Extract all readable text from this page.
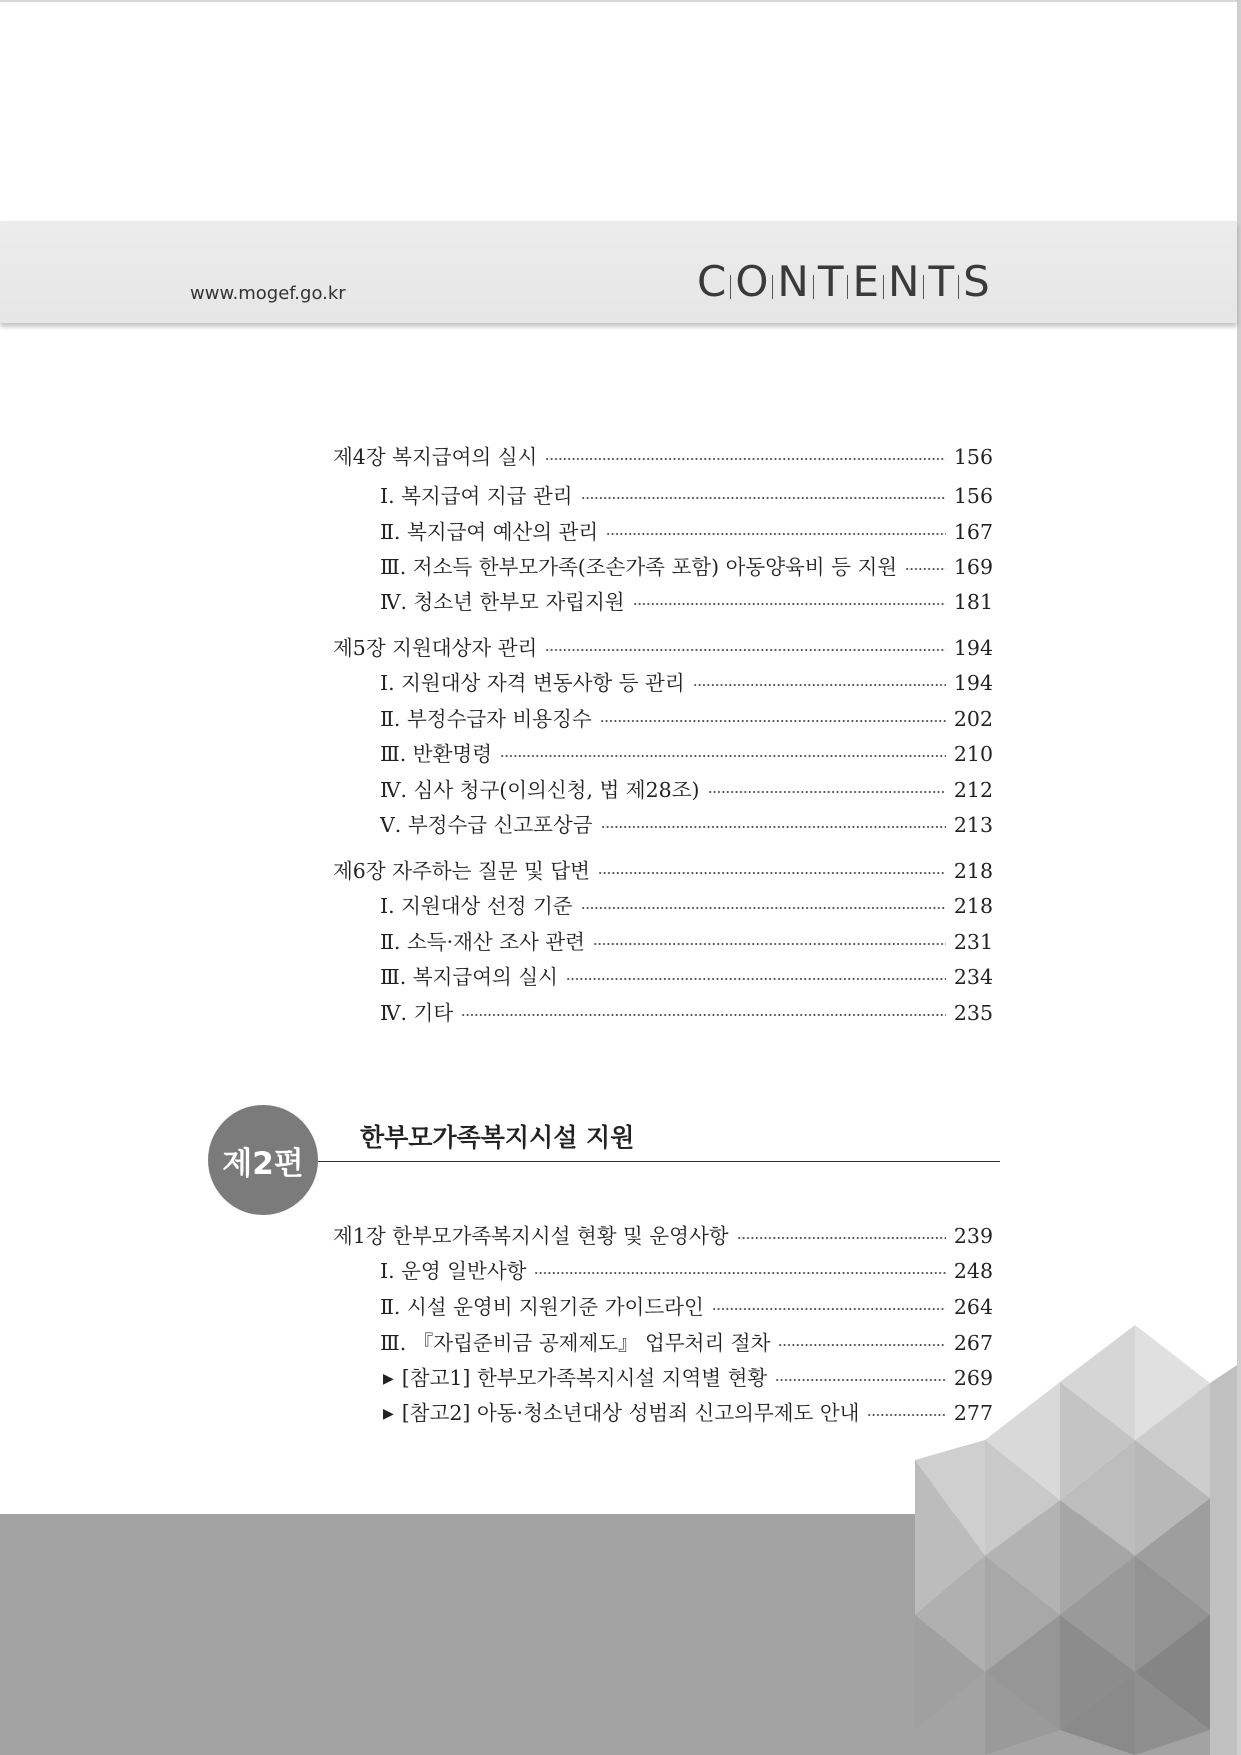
www.mogef.go.kr	C O N T E N T S
제4장 복지급여의 실시	156
Ⅰ. 복지급여 지급 관리	156
Ⅱ. 복지급여 예산의 관리	167
Ⅲ. 저소득 한부모가족(조손가족 포함) 아동양육비 등 지원	169
Ⅳ. 청소년 한부모 자립지원	181
제5장 지원대상자 관리	194
Ⅰ. 지원대상 자격 변동사항 등 관리	194
Ⅱ. 부정수급자 비용징수	202
Ⅲ. 반환명령	210
Ⅳ. 심사 청구(이의신청, 법 제28조)	212
Ⅴ. 부정수급 신고포상금	213
제6장 자주하는 질문 및 답변	218
Ⅰ. 지원대상 선정 기준	218
Ⅱ. 소득·재산 조사 관련	231
Ⅲ. 복지급여의 실시	234
Ⅳ. 기타	235
제2편
한부모가족복지시설 지원
제1장 한부모가족복지시설 현황 및 운영사항	239
Ⅰ. 운영 일반사항	248
Ⅱ. 시설 운영비 지원기준 가이드라인	264
Ⅲ. 『자립준비금 공제제도』 업무처리 절차	267
▶ [참고1] 한부모가족복지시설 지역별 현황	269
▶ [참고2] 아동·청소년대상 성범죄 신고의무제도 안내	277
